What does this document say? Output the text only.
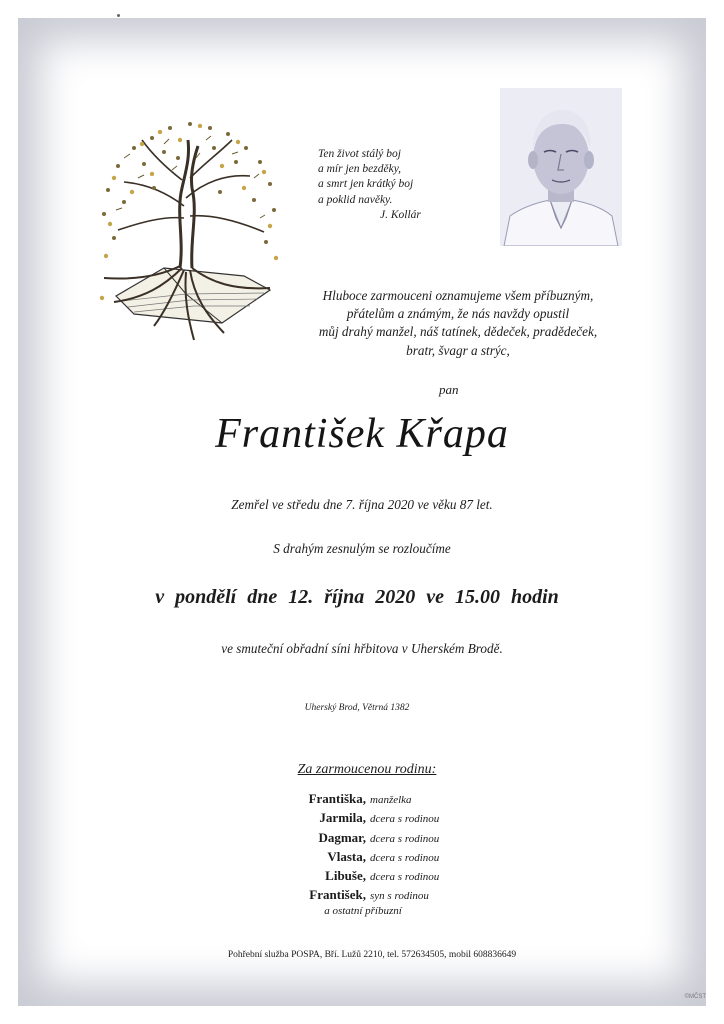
Ten život stálý boj
a mír jen bezděky,
a smrt jen krátký boj
a poklid navěky.
J. Kollár
Hluboce zarmouceni oznamujeme všem příbuzným,
přátelům a známým, že nás navždy opustil
můj drahý manžel, náš tatínek, dědeček, pradědeček,
bratr, švagr a strýc,
pan
František Křapa
Zemřel ve středu dne 7. října 2020 ve věku 87 let.
S drahým zesnulým se rozloučíme
v pondělí dne 12. října 2020 ve 15.00 hodin
ve smuteční obřadní síni hřbitova v Uherském Brodě.
Uherský Brod, Větrná 1382
Za zarmoucenou rodinu:
Františka, manželka
Jarmila, dcera s rodinou
Dagmar, dcera s rodinou
Vlasta, dcera s rodinou
Libuše, dcera s rodinou
František, syn s rodinou
a ostatní příbuzní
Pohřební služba POSPA, Bří. Lužů 2210, tel. 572634505, mobil 608836649
©MČST
